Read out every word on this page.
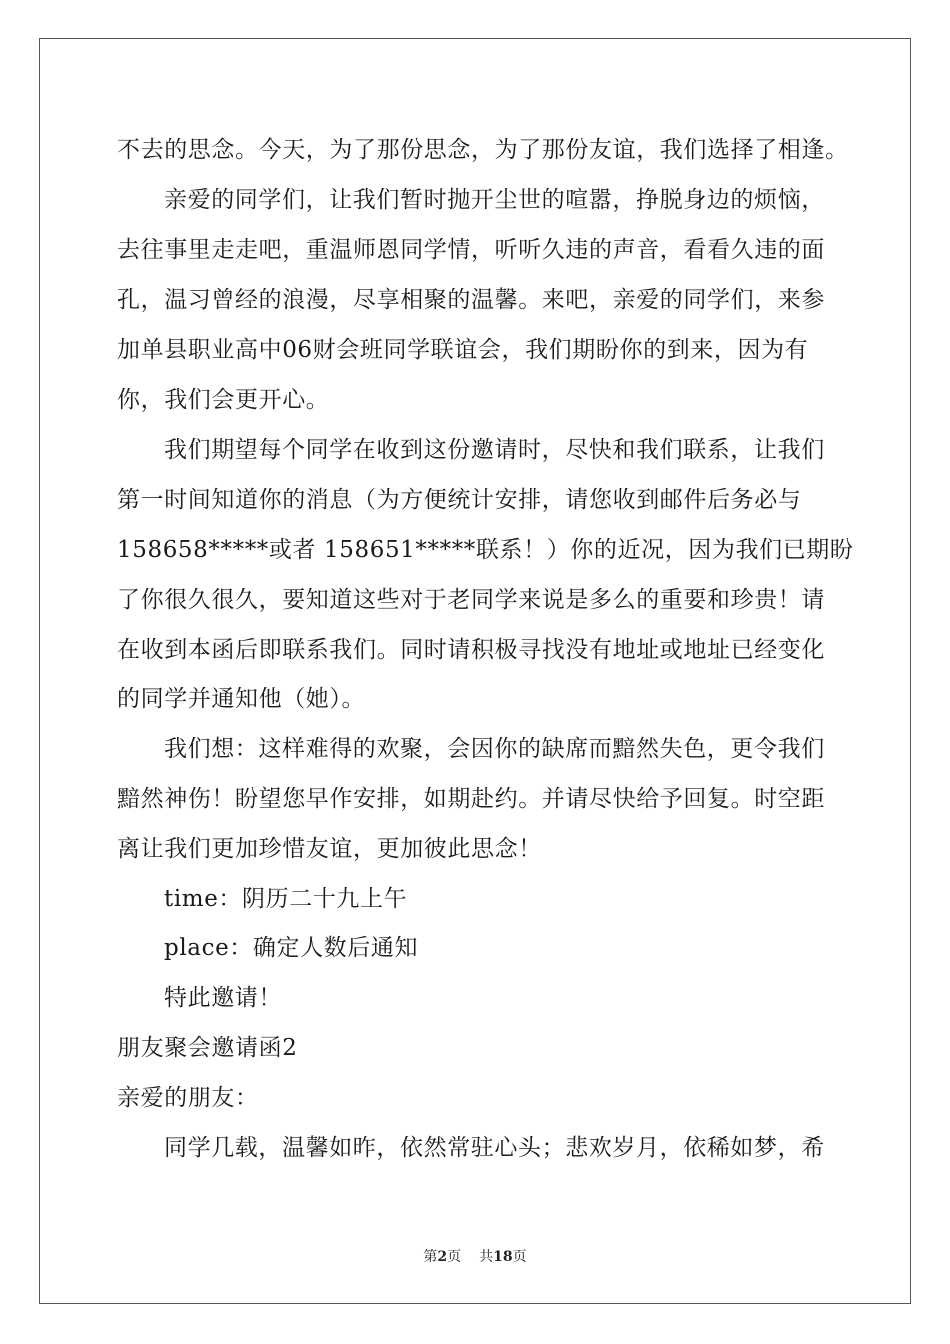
不去的思念。今天，为了那份思念，为了那份友谊，我们选择了相逢。
亲爱的同学们，让我们暂时抛开尘世的喧嚣，挣脱身边的烦恼，
去往事里走走吧，重温师恩同学情，听听久违的声音，看看久违的面
孔，温习曾经的浪漫，尽享相聚的温馨。来吧，亲爱的同学们，来参
加单县职业高中06财会班同学联谊会，我们期盼你的到来，因为有
你，我们会更开心。
我们期望每个同学在收到这份邀请时，尽快和我们联系，让我们
第一时间知道你的消息（为方便统计安排，请您收到邮件后务必与
158658*****或者 158651*****联系！）你的近况，因为我们已期盼
了你很久很久，要知道这些对于老同学来说是多么的重要和珍贵！请
在收到本函后即联系我们。同时请积极寻找没有地址或地址已经变化
的同学并通知他（她）。
我们想：这样难得的欢聚，会因你的缺席而黯然失色，更令我们
黯然神伤！盼望您早作安排，如期赴约。并请尽快给予回复。时空距
离让我们更加珍惜友谊，更加彼此思念！
time：阴历二十九上午
place：确定人数后通知
特此邀请！
朋友聚会邀请函2
亲爱的朋友：
同学几载，温馨如昨，依然常驻心头；悲欢岁月，依稀如梦，希
第2页 共18页
